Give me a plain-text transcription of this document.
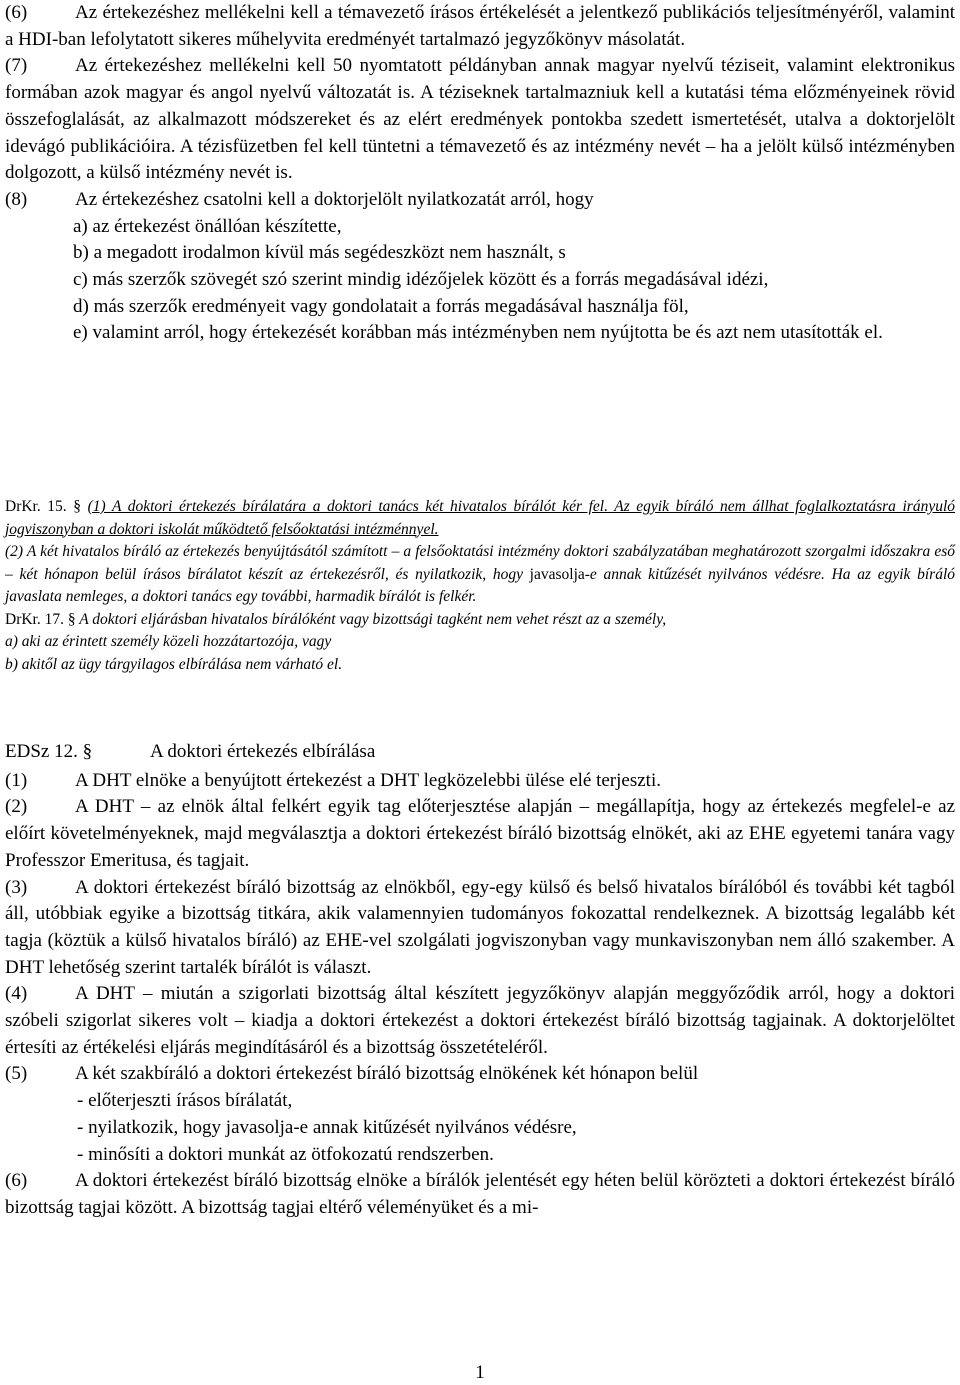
(6)	Az értekezéshez mellékelni kell a témavezető írásos értékelését a jelentkező publikációs teljesítményéről, valamint a HDI-ban lefolytatott sikeres műhelyvita eredményét tartalmazó jegyzőkönyv másolatát.

(7)	Az értekezéshez mellékelni kell 50 nyomtatott példányban annak magyar nyelvű téziseit, valamint elektronikus formában azok magyar és angol nyelvű változatát is. A téziseknek tartalmazniuk kell a kutatási téma előzményeinek rövid összefoglalását, az alkalmazott módszereket és az elért eredmények pontokba szedett ismertetését, utalva a doktorjelölt idevágó publikációira. A tézisfüzetben fel kell tüntetni a témavezető és az intézmény nevét – ha a jelölt külső intézményben dolgozott, a külső intézmény nevét is.

(8)	Az értekezéshez csatolni kell a doktorjelölt nyilatkozatát arról, hogy

a) az értekezést önállóan készítette,

b) a megadott irodalmon kívül más segédeszközt nem használt, s

c) más szerzők szövegét szó szerint mindig idézőjelek között és a forrás megadásával idézi,

d) más szerzők eredményeit vagy gondolatait a forrás megadásával használja föl,

e) valamint arról, hogy értekezését korábban más intézményben nem nyújtotta be és azt nem utasították el.

DrKr. 15. § (1) A doktori értekezés bírálatára a doktori tanács két hivatalos bírálót kér fel. Az egyik bíráló nem állhat foglalkoztatásra irányuló jogviszonyban a doktori iskolát működtető felsőoktatási intézménnyel.

(2) A két hivatalos bíráló az értekezés benyújtásától számított – a felsőoktatási intézmény doktori szabályzatában meghatározott szorgalmi időszakra eső – két hónapon belül írásos bírálatot készít az értekezésről, és nyilatkozik, hogy javasolja-e annak kitűzését nyilvános védésre. Ha az egyik bíráló javaslata nemleges, a doktori tanács egy további, harmadik bírálót is felkér.

DrKr. 17. § A doktori eljárásban hivatalos bírálóként vagy bizottsági tagként nem vehet részt az a személy,

a) aki az érintett személy közeli hozzátartozója, vagy

b) akitől az ügy tárgyilagos elbírálása nem várható el.

EDSz 12. §	A doktori értekezés elbírálása

(1)	A DHT elnöke a benyújtott értekezést a DHT legközelebbi ülése elé terjeszti.

(2)	A DHT – az elnök által felkért egyik tag előterjesztése alapján – megállapítja, hogy az értekezés megfelel-e az előírt követelményeknek, majd megválasztja a doktori értekezést bíráló bizottság elnökét, aki az EHE egyetemi tanára vagy Professzor Emeritusa, és tagjait.

(3)	A doktori értekezést bíráló bizottság az elnökből, egy-egy külső és belső hivatalos bírálóból és további két tagból áll, utóbbiak egyike a bizottság titkára, akik valamennyien tudományos fokozattal rendelkeznek. A bizottság legalább két tagja (köztük a külső hivatalos bíráló) az EHE-vel szolgálati jogviszonyban vagy munkaviszonyban nem álló szakember. A DHT lehetőség szerint tartalék bírálót is választ.

(4)	A DHT – miután a szigorlati bizottság által készített jegyzőkönyv alapján meggyőződik arról, hogy a doktori szóbeli szigorlat sikeres volt – kiadja a doktori értekezést a doktori értekezést bíráló bizottság tagjainak. A doktorjelöltet értesíti az értékelési eljárás megindításáról és a bizottság összetételéről.

(5)	A két szakbíráló a doktori értekezést bíráló bizottság elnökének két hónapon belül

- előterjeszti írásos bírálatát,

- nyilatkozik, hogy javasolja-e annak kitűzését nyilvános védésre,

- minősíti a doktori munkát az ötfokozatú rendszerben.

(6)	A doktori értekezést bíráló bizottság elnöke a bírálók jelentését egy héten belül körözteti a doktori értekezést bíráló bizottság tagjai között. A bizottság tagjai eltérő véleményüket és a mi-

1
